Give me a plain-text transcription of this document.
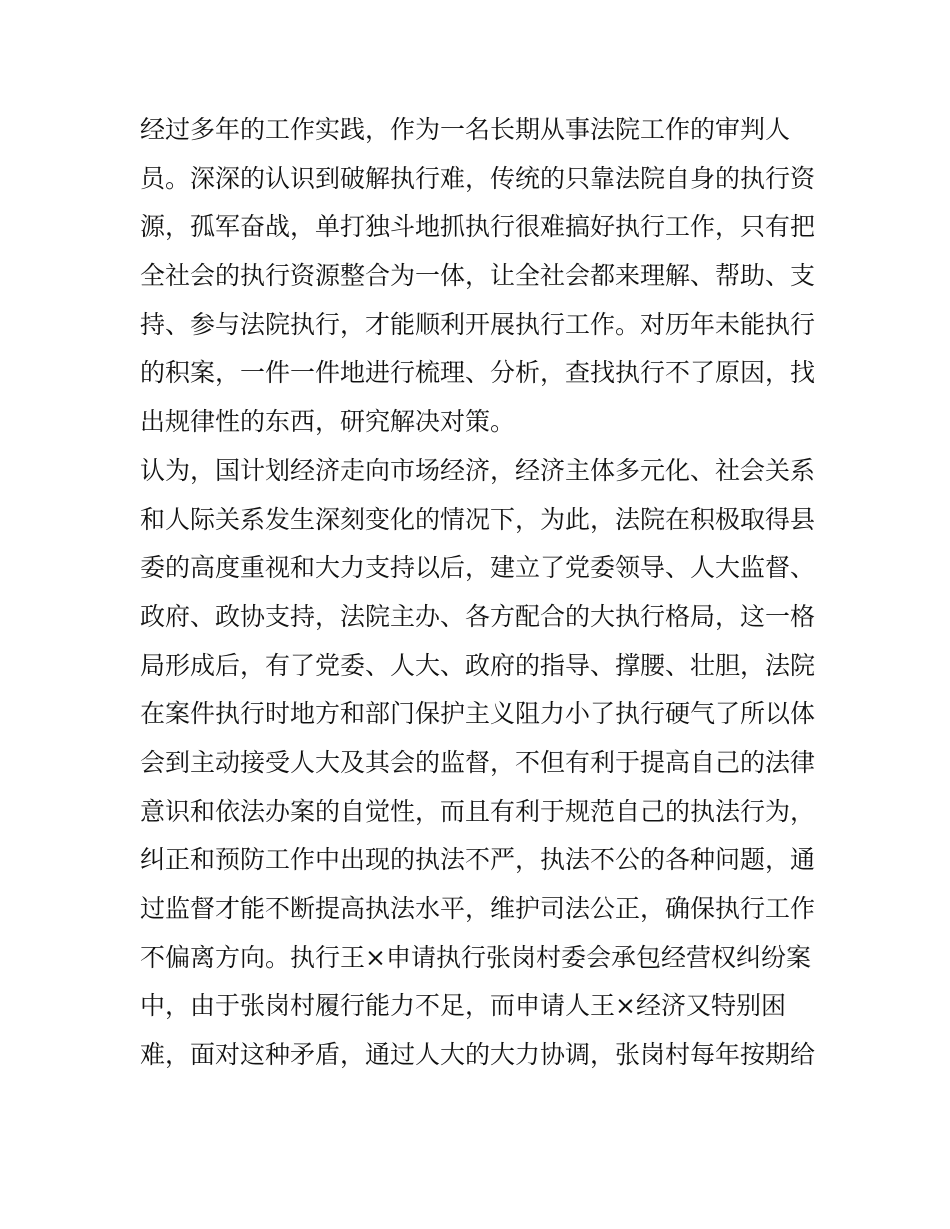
经过多年的工作实践，作为一名长期从事法院工作的审判人
员。深深的认识到破解执行难，传统的只靠法院自身的执行资
源，孤军奋战，单打独斗地抓执行很难搞好执行工作，只有把
全社会的执行资源整合为一体，让全社会都来理解、帮助、支
持、参与法院执行，才能顺利开展执行工作。对历年未能执行
的积案，一件一件地进行梳理、分析，查找执行不了原因，找
出规律性的东西，研究解决对策。
认为，国计划经济走向市场经济，经济主体多元化、社会关系
和人际关系发生深刻变化的情况下，为此，法院在积极取得县
委的高度重视和大力支持以后，建立了党委领导、人大监督、
政府、政协支持，法院主办、各方配合的大执行格局，这一格
局形成后，有了党委、人大、政府的指导、撑腰、壮胆，法院
在案件执行时地方和部门保护主义阻力小了执行硬气了所以体
会到主动接受人大及其会的监督，不但有利于提高自己的法律
意识和依法办案的自觉性，而且有利于规范自己的执法行为，
纠正和预防工作中出现的执法不严，执法不公的各种问题，通
过监督才能不断提高执法水平，维护司法公正，确保执行工作
不偏离方向。执行王×申请执行张岗村委会承包经营权纠纷案
中，由于张岗村履行能力不足，而申请人王×经济又特别困
难，面对这种矛盾，通过人大的大力协调，张岗村每年按期给
